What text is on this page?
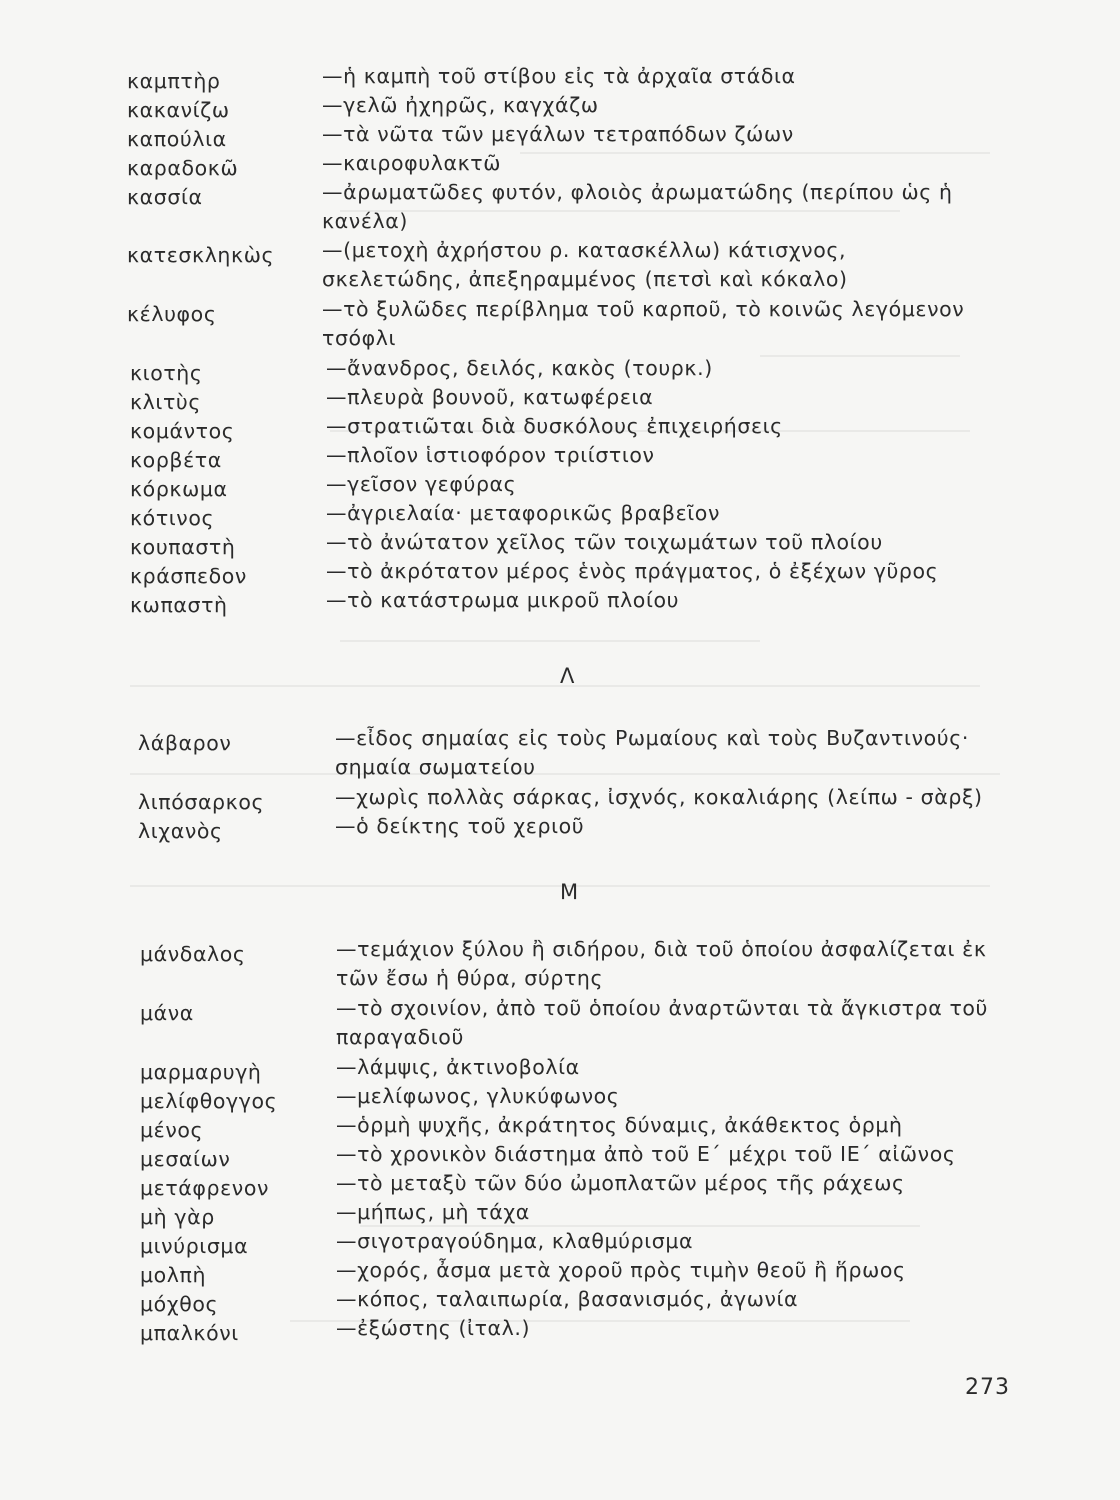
καμπτὴρ	—ἡ καμπὴ τοῦ στίβου εἰς τὰ ἀρχαῖα στάδια
κακανίζω	—γελῶ ἠχηρῶς, καγχάζω
καπούλια	—τὰ νῶτα τῶν μεγάλων τετραπόδων ζώων
καραδοκῶ	—καιροφυλακτῶ
κασσία	—ἀρωματῶδες φυτόν, φλοιὸς ἀρωματώδης (περίπου ὡς ἡ κανέλα)
κατεσκληκὼς —(μετοχὴ ἀχρήστου ρ. κατασκέλλω) κάτισχνος, σκελετώδης, ἀπεξηραμμένος (πετσὶ καὶ κόκαλο)
κέλυφος	—τὸ ξυλῶδες περίβλημα τοῦ καρποῦ, τὸ κοινῶς λεγόμενον τσόφλι
κιοτὴς	—ἄνανδρος, δειλός, κακὸς (τουρκ.)
κλιτὺς	—πλευρὰ βουνοῦ, κατωφέρεια
κομάντος	—στρατιῶται διὰ δυσκόλους ἐπιχειρήσεις
κορβέτα	—πλοῖον ἱστιοφόρον τριίστιον
κόρκωμα	—γεῖσον γεφύρας
κότινος	—ἀγριελαία· μεταφορικῶς βραβεῖον
κουπαστὴ	—τὸ ἀνώτατον χεῖλος τῶν τοιχωμάτων τοῦ πλοίου
κράσπεδον	—τὸ ἀκρότατον μέρος ἑνὸς πράγματος, ὁ ἐξέχων γῦρος
κωπαστὴ	—τὸ κατάστρωμα μικροῦ πλοίου
Λ
λάβαρον	—εἶδος σημαίας εἰς τοὺς Ρωμαίους καὶ τοὺς Βυζαντινούς· σημαία σωματείου
λιπόσαρκος	—χωρὶς πολλὰς σάρκας, ἰσχνός, κοκαλιάρης (λείπω - σὰρξ)
λιχανὸς	—ὁ δείκτης τοῦ χεριοῦ
Μ
μάνδαλος	—τεμάχιον ξύλου ἢ σιδήρου, διὰ τοῦ ὁποίου ἀσφαλίζεται ἐκ τῶν ἔσω ἡ θύρα, σύρτης
μάνα	—τὸ σχοινίον, ἀπὸ τοῦ ὁποίου ἀναρτῶνται τὰ ἄγκιστρα τοῦ παραγαδιοῦ
μαρμαρυγὴ	—λάμψις, ἀκτινοβολία
μελίφθογγος	—μελίφωνος, γλυκύφωνος
μένος	—ὁρμὴ ψυχῆς, ἀκράτητος δύναμις, ἀκάθεκτος ὁρμὴ
μεσαίων	—τὸ χρονικὸν διάστημα ἀπὸ τοῦ Ε΄ μέχρι τοῦ ΙΕ΄ αἰῶνος
μετάφρενον	—τὸ μεταξὺ τῶν δύο ὠμοπλατῶν μέρος τῆς ράχεως
μὴ γὰρ	—μήπως, μὴ τάχα
μινύρισμα	—σιγοτραγούδημα, κλαθμύρισμα
μολπὴ	—χορός, ἆσμα μετὰ χοροῦ πρὸς τιμὴν θεοῦ ἢ ἥρωος
μόχθος	—κόπος, ταλαιπωρία, βασανισμός, ἀγωνία
μπαλκόνι	—ἐξώστης (ἰταλ.)
273
